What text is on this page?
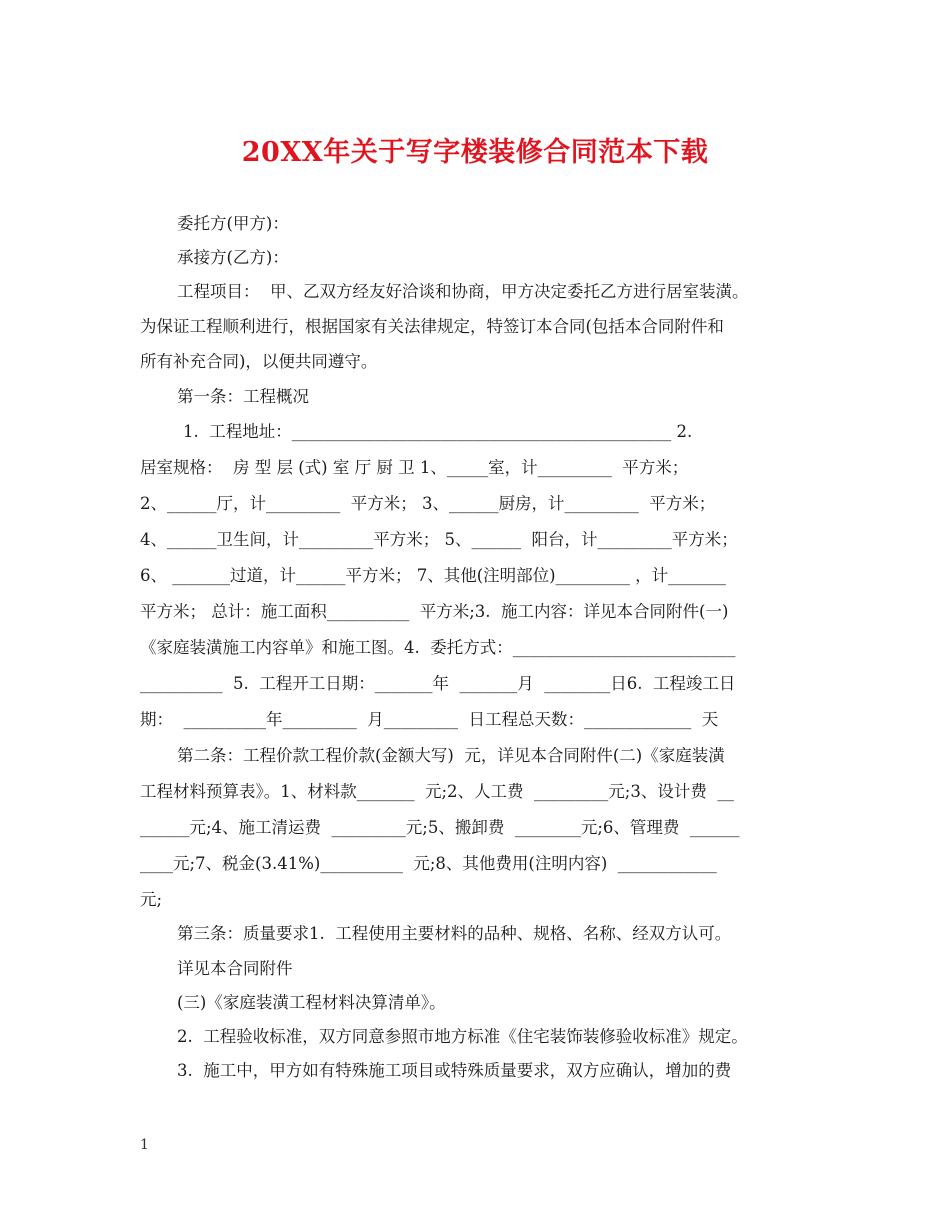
20XX年关于写字楼装修合同范本下载
委托方(甲方)：
承接方(乙方)：
工程项目：  甲、乙双方经友好洽谈和协商，甲方决定委托乙方进行居室装潢。
为保证工程顺利进行，根据国家有关法律规定，特签订本合同(包括本合同附件和
所有补充合同)，以便共同遵守。
第一条：工程概况
1.  工程地址：______________________________________________ 2.
居室规格：  房 型 层 (式) 室 厅 厨 卫 1、_____室，计_________  平方米；
2、______厅，计_________  平方米； 3、______厨房，计_________  平方米；
4、______卫生间，计_________平方米； 5、______  阳台，计_________平方米；
6、 _______过道，计______平方米； 7、其他(注明部位)_________ ，计_______
平方米； 总计：施工面积__________  平方米;3.  施工内容：详见本合同附件(一)
《家庭装潢施工内容单》和施工图。4.  委托方式：___________________________
__________  5.  工程开工日期：_______年  _______月  ________日6.  工程竣工日
期：  __________年_________  月_________  日工程总天数：_____________  天
第二条：工程价款工程价款(金额大写)  元，详见本合同附件(二)《家庭装潢
工程材料预算表》。1、材料款_______  元;2、人工费  _________元;3、设计费  __
______元;4、施工清运费  _________元;5、搬卸费  ________元;6、管理费  ______
____元;7、税金(3.41%)__________  元;8、其他费用(注明内容)  ____________
元;
第三条：质量要求1.  工程使用主要材料的品种、规格、名称、经双方认可。
详见本合同附件
(三)《家庭装潢工程材料决算清单》。
2.  工程验收标准，双方同意参照市地方标准《住宅装饰装修验收标准》规定。
3.  施工中，甲方如有特殊施工项目或特殊质量要求，双方应确认，增加的费
1
